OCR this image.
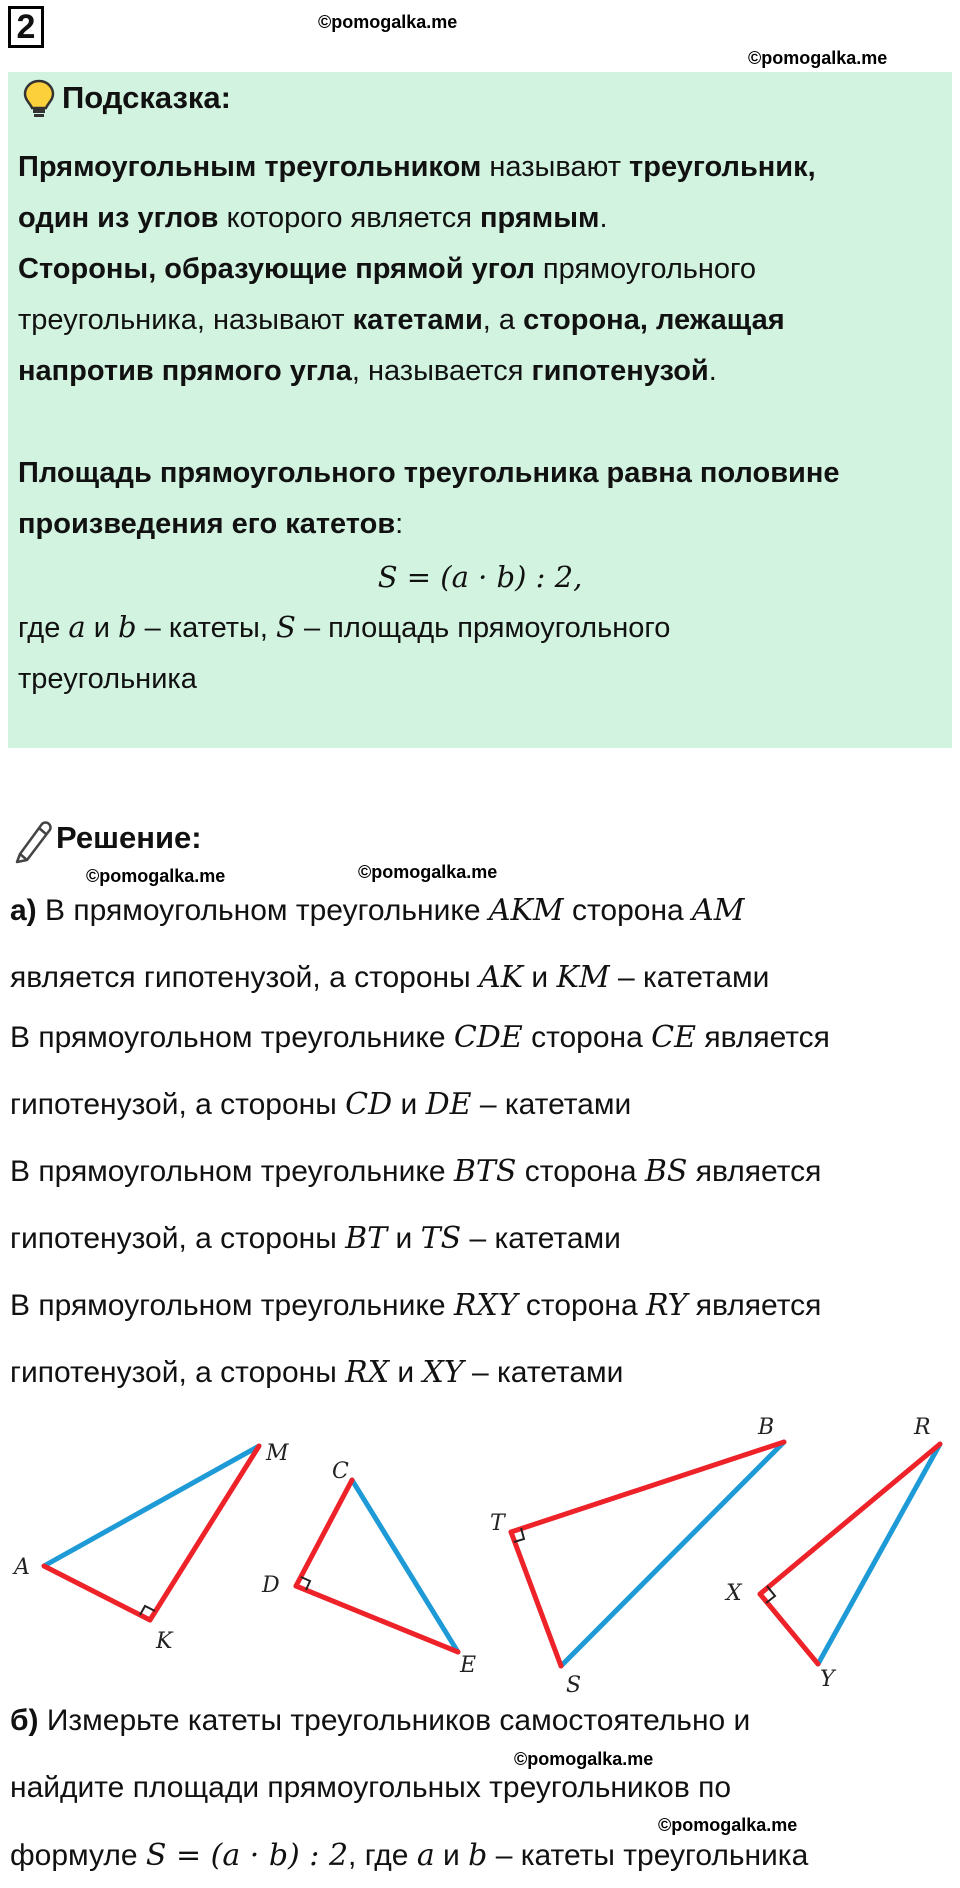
2	©pomogalka.me
©pomogalka.me
Подсказка:
Прямоугольным треугольником называют треугольник,
один из углов которого является прямым.
Стороны, образующие прямой угол прямоугольного
треугольника, называют катетами, а сторона, лежащая
напротив прямого угла, называется гипотенузой.
Площадь прямоугольного треугольника равна половине
произведения его катетов:
S = (a · b) : 2,
где a и b – катеты, S – площадь прямоугольного
треугольника
Решение:
©pomogalka.me	©pomogalka.me
а) В прямоугольном треугольнике AKM сторона AM
является гипотенузой, а стороны AK и KM – катетами
В прямоугольном треугольнике CDE сторона CE является
гипотенузой, а стороны CD и DE – катетами
В прямоугольном треугольнике BTS сторона BS является
гипотенузой, а стороны BT и TS – катетами
В прямоугольном треугольнике RXY сторона RY является
гипотенузой, а стороны RX и XY – катетами
A
K
M
C
D
E
T
B
S
R
X
Y
б) Измерьте катеты треугольников самостоятельно и
©pomogalka.me
найдите площади прямоугольных треугольников по
©pomogalka.me
формуле S = (a · b) : 2, где a и b – катеты треугольника
